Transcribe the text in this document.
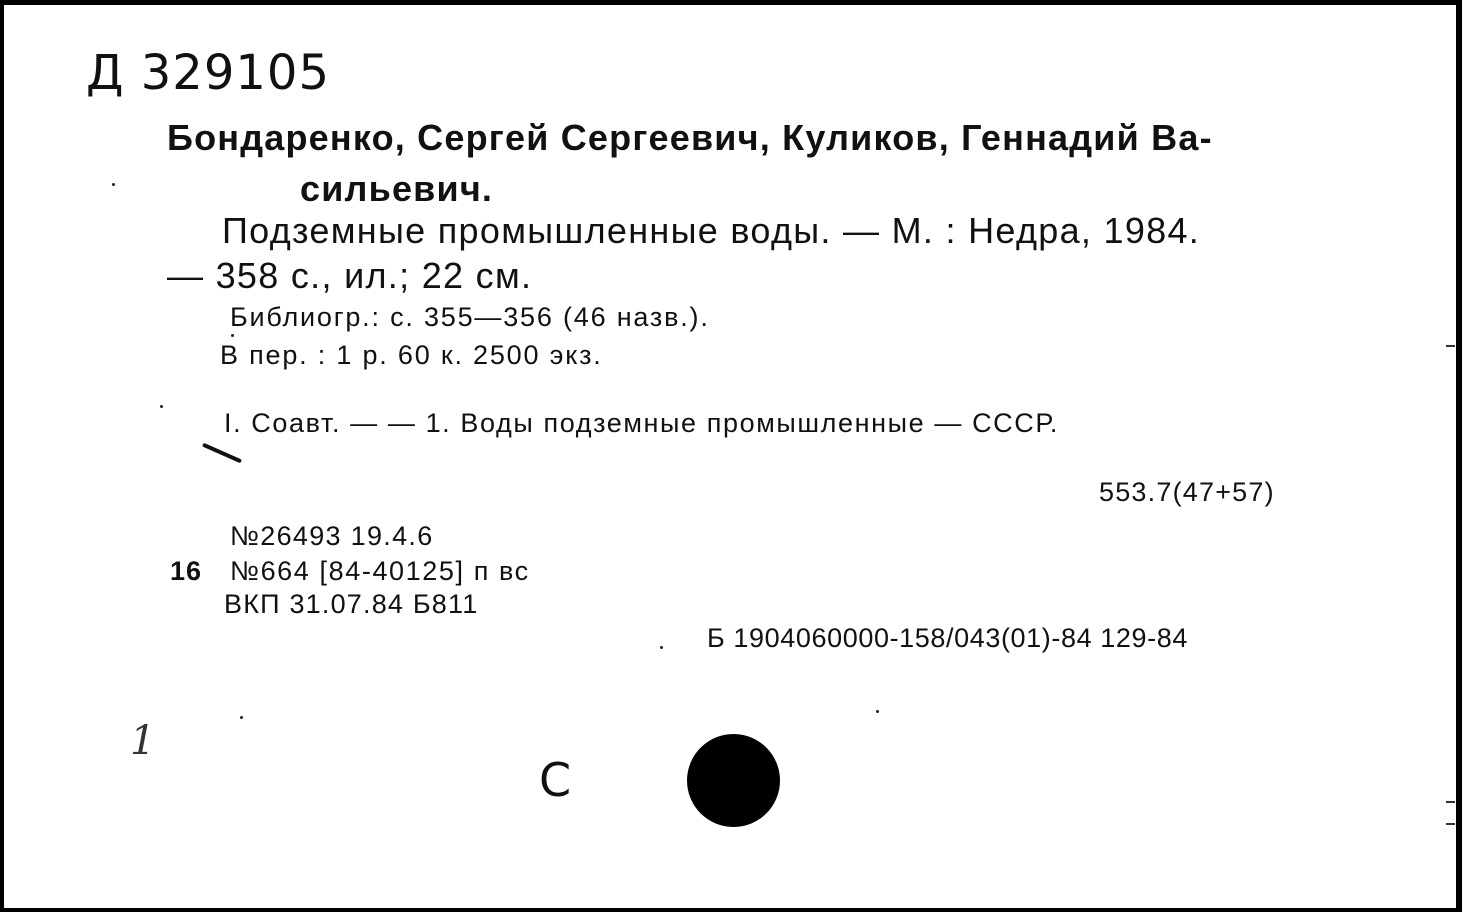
Д 329105
Бондаренко, Сергей Сергеевич, Куликов, Геннадий Ва-
сильевич.
Подземные промышленные воды. — М. : Недра, 1984.
— 358 с., ил.; 22 см.
Библиогр.: с. 355—356 (46 назв.).
В пер. : 1 р. 60 к. 2500 экз.
I. Соавт. — — 1. Воды подземные промышленные — СССР.
553.7(47+57)
№26493 19.4.6
16 №664 [84-40125] п вс
ВКП 31.07.84 Б811
Б 1904060000-158/043(01)-84 129-84
1
С
